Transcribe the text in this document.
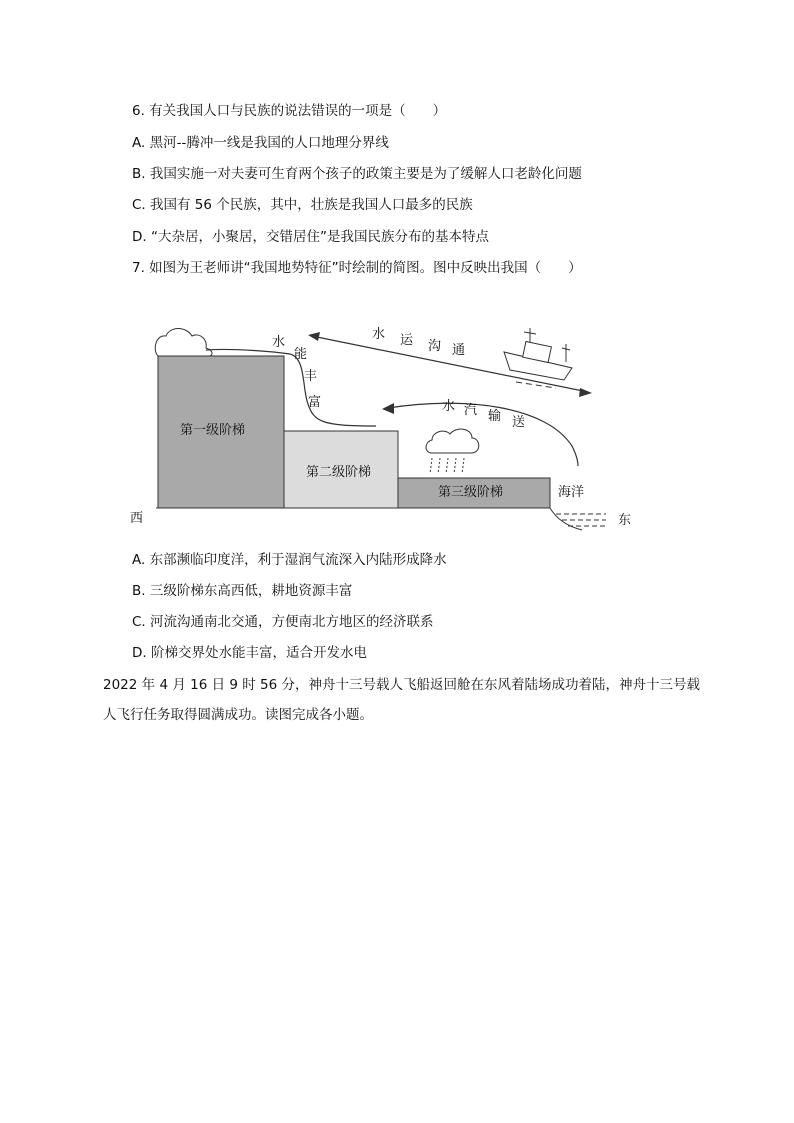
6. 有关我国人口与民族的说法错误的一项是（　　）
A. 黑河--腾冲一线是我国的人口地理分界线
B. 我国实施一对夫妻可生育两个孩子的政策主要是为了缓解人口老龄化问题
C. 我国有 56 个民族，其中，壮族是我国人口最多的民族
D. “大杂居，小聚居，交错居住”是我国民族分布的基本特点
7. 如图为王老师讲“我国地势特征”时绘制的简图。图中反映出我国（　　）
第一级阶梯
第二级阶梯
第三级阶梯	海洋
西	东
水
能
丰
富
水 运 沟 通
水 汽 输 送
A. 东部濒临印度洋，利于湿润气流深入内陆形成降水
B. 三级阶梯东高西低，耕地资源丰富
C. 河流沟通南北交通，方便南北方地区的经济联系
D. 阶梯交界处水能丰富，适合开发水电
2022 年 4 月 16 日 9 时 56 分，神舟十三号载人飞船返回舱在东风着陆场成功着陆，神舟十三号载
人飞行任务取得圆满成功。读图完成各小题。
